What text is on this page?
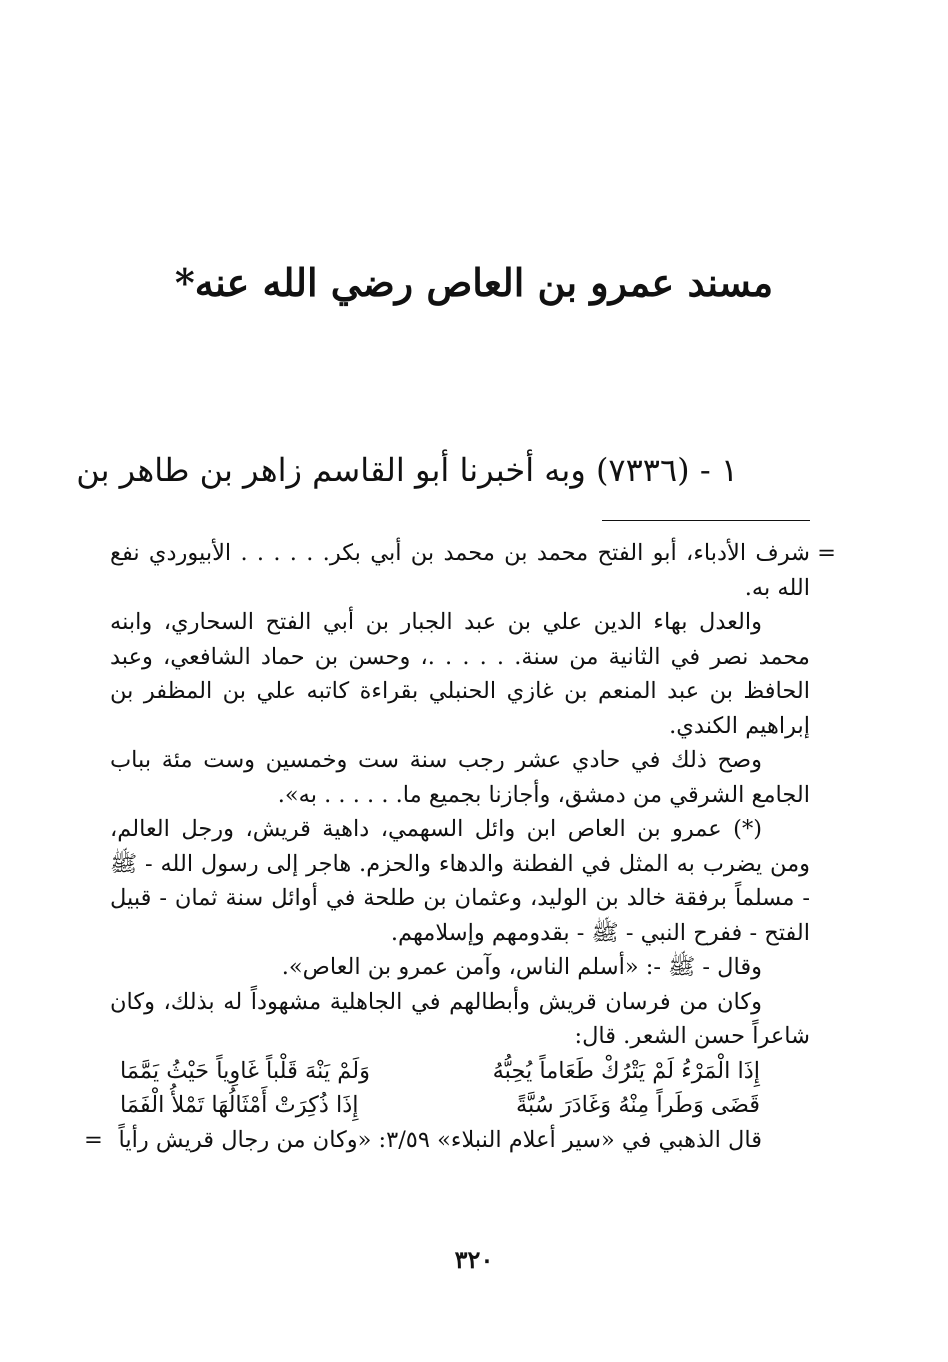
مسند عمرو بن العاص رضي الله عنه*
١ - (٧٣٣٦) وبه أخبرنا أبو القاسم زاهر بن طاهر بن
=

شرف الأدباء، أبو الفتح محمد بن محمد بن أبي بكر. . . . . . الأبيوردي نفع الله به.

والعدل بهاء الدين علي بن عبد الجبار بن أبي الفتح السحاري، وابنه محمد نصر في الثانية من سنة. . . . . .، وحسن بن حماد الشافعي، وعبد الحافظ بن عبد المنعم بن غازي الحنبلي بقراءة كاتبه علي بن المظفر بن إبراهيم الكندي.

وصح ذلك في حادي عشر رجب سنة ست وخمسين وست مئة بباب الجامع الشرقي من دمشق، وأجازنا بجميع ما. . . . . . به».

(*) عمرو بن العاص ابن وائل السهمي، داهية قريش، ورجل العالم، ومن يضرب به المثل في الفطنة والدهاء والحزم. هاجر إلى رسول الله - ﷺ - مسلماً برفقة خالد بن الوليد، وعثمان بن طلحة في أوائل سنة ثمان - قبيل الفتح - ففرح النبي - ﷺ - بقدومهم وإسلامهم.

وقال - ﷺ -: «أسلم الناس، وآمن عمرو بن العاص».

وكان من فرسان قريش وأبطالهم في الجاهلية مشهوداً له بذلك، وكان شاعراً حسن الشعر. قال:

إِذَا الْمَرْءُ لَمْ يَتْرُكْ طَعَاماً يُحِبُّهُ
وَلَمْ يَنْهَ قَلْباً غَاوِياً حَيْثُ يَمَّمَا
قَضَى وَطَراً مِنْهُ وَغَادَرَ سُبَّةً
إِذَا ذُكِرَتْ أَمْثَالُهَا تَمْلأُ الْفَمَا

قال الذهبي في «سير أعلام النبلاء» ٣/٥٩: «وكان من رجال قريش رأياً
=

٣٢٠
